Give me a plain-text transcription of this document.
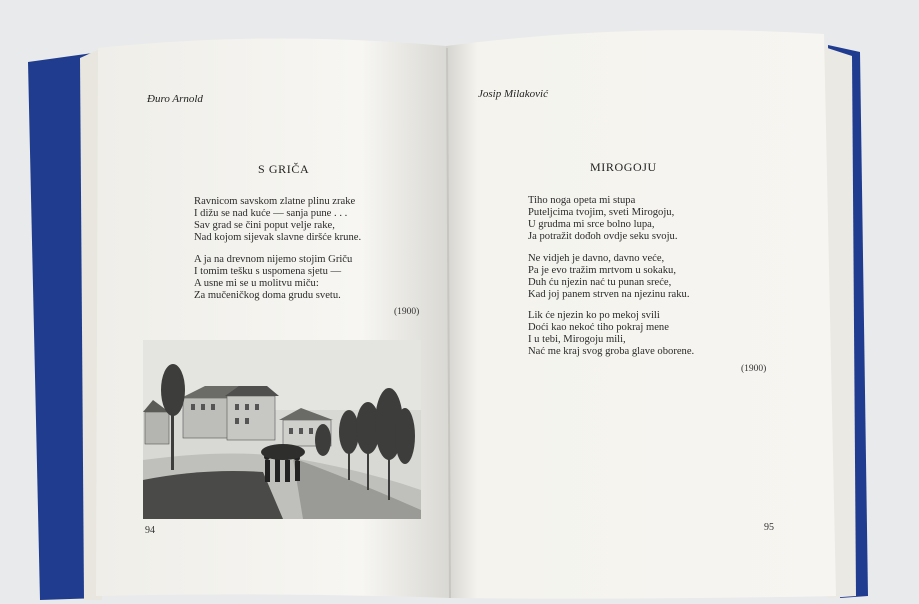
Đuro Arnold
S GRIČA
Ravnicom savskom zlatne plinu zrake
I dižu se nad kuće — sanja pune . . .
Sav grad se čini poput velje rake,
Nad kojom sijevak slavne diršće krune.
A ja na drevnom nijemo stojim Griču
I tomim tešku s uspomena sjetu —
A usne mi se u molitvu miču:
Za mučeničkog doma grudu svetu.
(1900)
94
Josip Milaković
MIROGOJU
Tiho noga opeta mi stupa
Puteljcima tvojim, sveti Mirogoju,
U grudma mi srce bolno lupa,
Ja potražit dođoh ovdje seku svoju.
Ne vidjeh je davno, davno veće,
Pa je evo tražim mrtvom u sokaku,
Duh ću njezin nać tu punan sreće,
Kad joj panem strven na njezinu raku.
Lik će njezin ko po mekoj svili
Doći kao nekoć tiho pokraj mene
I u tebi, Mirogoju mili,
Nać me kraj svog groba glave oborene.
(1900)
95
